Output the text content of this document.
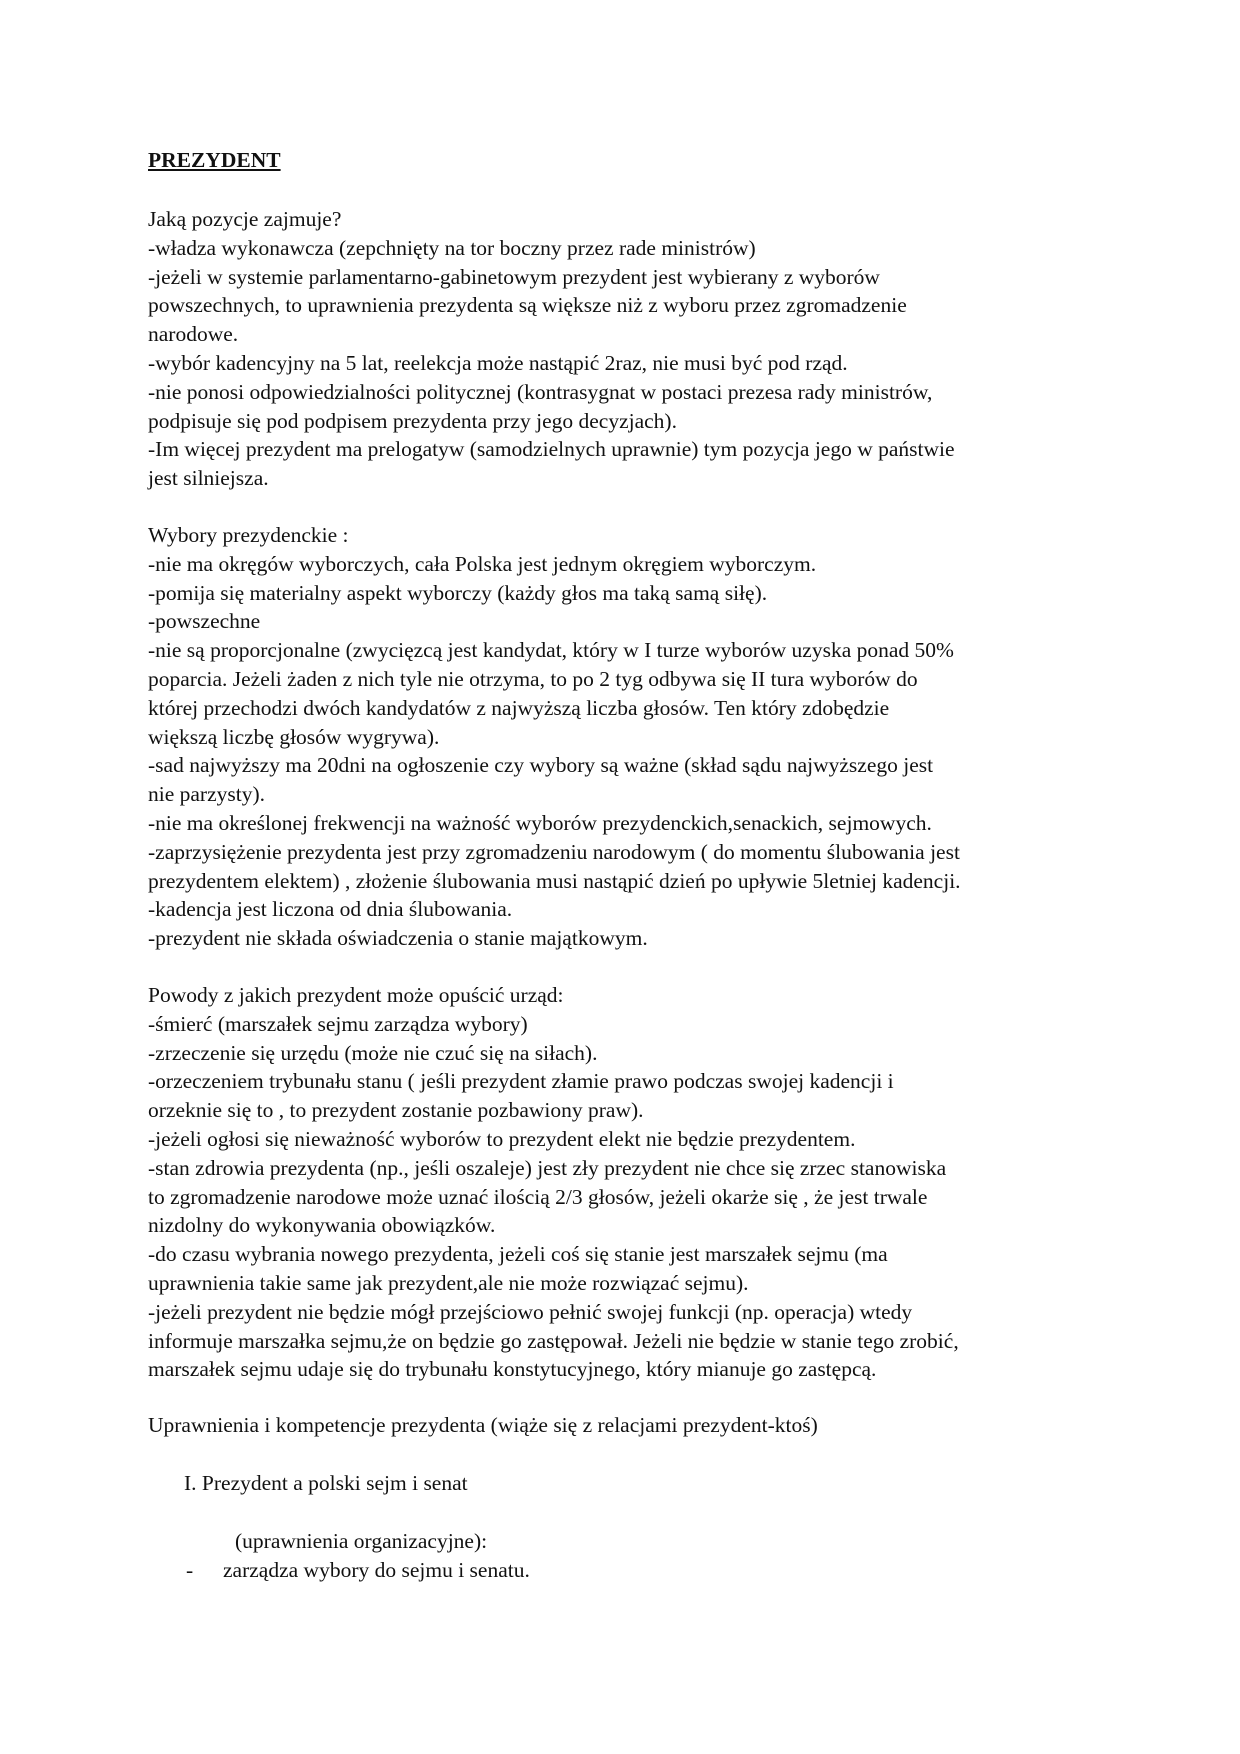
PREZYDENT
Jaką pozycje zajmuje?
-władza wykonawcza (zepchnięty na tor boczny przez rade ministrów)
-jeżeli w systemie parlamentarno-gabinetowym prezydent jest wybierany z wyborów
powszechnych, to uprawnienia prezydenta są większe niż z wyboru przez zgromadzenie
narodowe.
-wybór kadencyjny na 5 lat, reelekcja może nastąpić 2raz, nie musi być pod rząd.
-nie ponosi odpowiedzialności politycznej (kontrasygnat w postaci prezesa rady ministrów,
podpisuje się pod podpisem prezydenta przy jego decyzjach).
-Im więcej prezydent ma prelogatyw (samodzielnych uprawnie) tym pozycja jego w państwie
jest silniejsza.
Wybory prezydenckie :
-nie ma okręgów wyborczych, cała Polska jest jednym okręgiem wyborczym.
-pomija się materialny aspekt wyborczy (każdy głos ma taką samą siłę).
-powszechne
-nie są proporcjonalne (zwycięzcą jest kandydat, który w I turze wyborów uzyska ponad 50%
poparcia. Jeżeli żaden z nich tyle nie otrzyma, to po 2 tyg odbywa się II tura wyborów do
której przechodzi dwóch kandydatów z najwyższą liczba głosów. Ten który zdobędzie
większą liczbę głosów wygrywa).
-sad najwyższy ma 20dni na ogłoszenie czy wybory są ważne (skład sądu najwyższego jest
nie parzysty).
-nie ma określonej frekwencji na ważność wyborów prezydenckich,senackich, sejmowych.
-zaprzysiężenie prezydenta jest przy zgromadzeniu narodowym ( do momentu ślubowania jest
prezydentem elektem) , złożenie ślubowania musi nastąpić dzień po upływie 5letniej kadencji.
-kadencja jest liczona od dnia ślubowania.
-prezydent nie składa oświadczenia o stanie majątkowym.
Powody z jakich prezydent może opuścić urząd:
-śmierć (marszałek sejmu zarządza wybory)
-zrzeczenie się urzędu (może nie czuć się na siłach).
-orzeczeniem trybunału stanu ( jeśli prezydent złamie prawo podczas swojej kadencji i
orzeknie się to , to prezydent zostanie pozbawiony praw).
-jeżeli ogłosi się nieważność wyborów to prezydent elekt nie będzie prezydentem.
-stan zdrowia prezydenta (np., jeśli oszaleje) jest zły prezydent nie chce się zrzec stanowiska
to zgromadzenie narodowe może uznać ilością 2/3 głosów, jeżeli okarże się , że jest trwale
nizdolny do wykonywania obowiązków.
-do czasu wybrania nowego prezydenta, jeżeli coś się stanie jest marszałek sejmu (ma
uprawnienia takie same jak prezydent,ale nie może rozwiązać sejmu).
-jeżeli prezydent nie będzie mógł przejściowo pełnić swojej funkcji (np. operacja) wtedy
informuje marszałka sejmu,że on będzie go zastępował. Jeżeli nie będzie w stanie tego zrobić,
marszałek sejmu udaje się do trybunału konstytucyjnego, który mianuje go zastępcą.
Uprawnienia i kompetencje prezydenta (wiąże się z relacjami prezydent-ktoś)
I. Prezydent a polski sejm i senat
(uprawnienia organizacyjne):
- zarządza wybory do sejmu i senatu.
